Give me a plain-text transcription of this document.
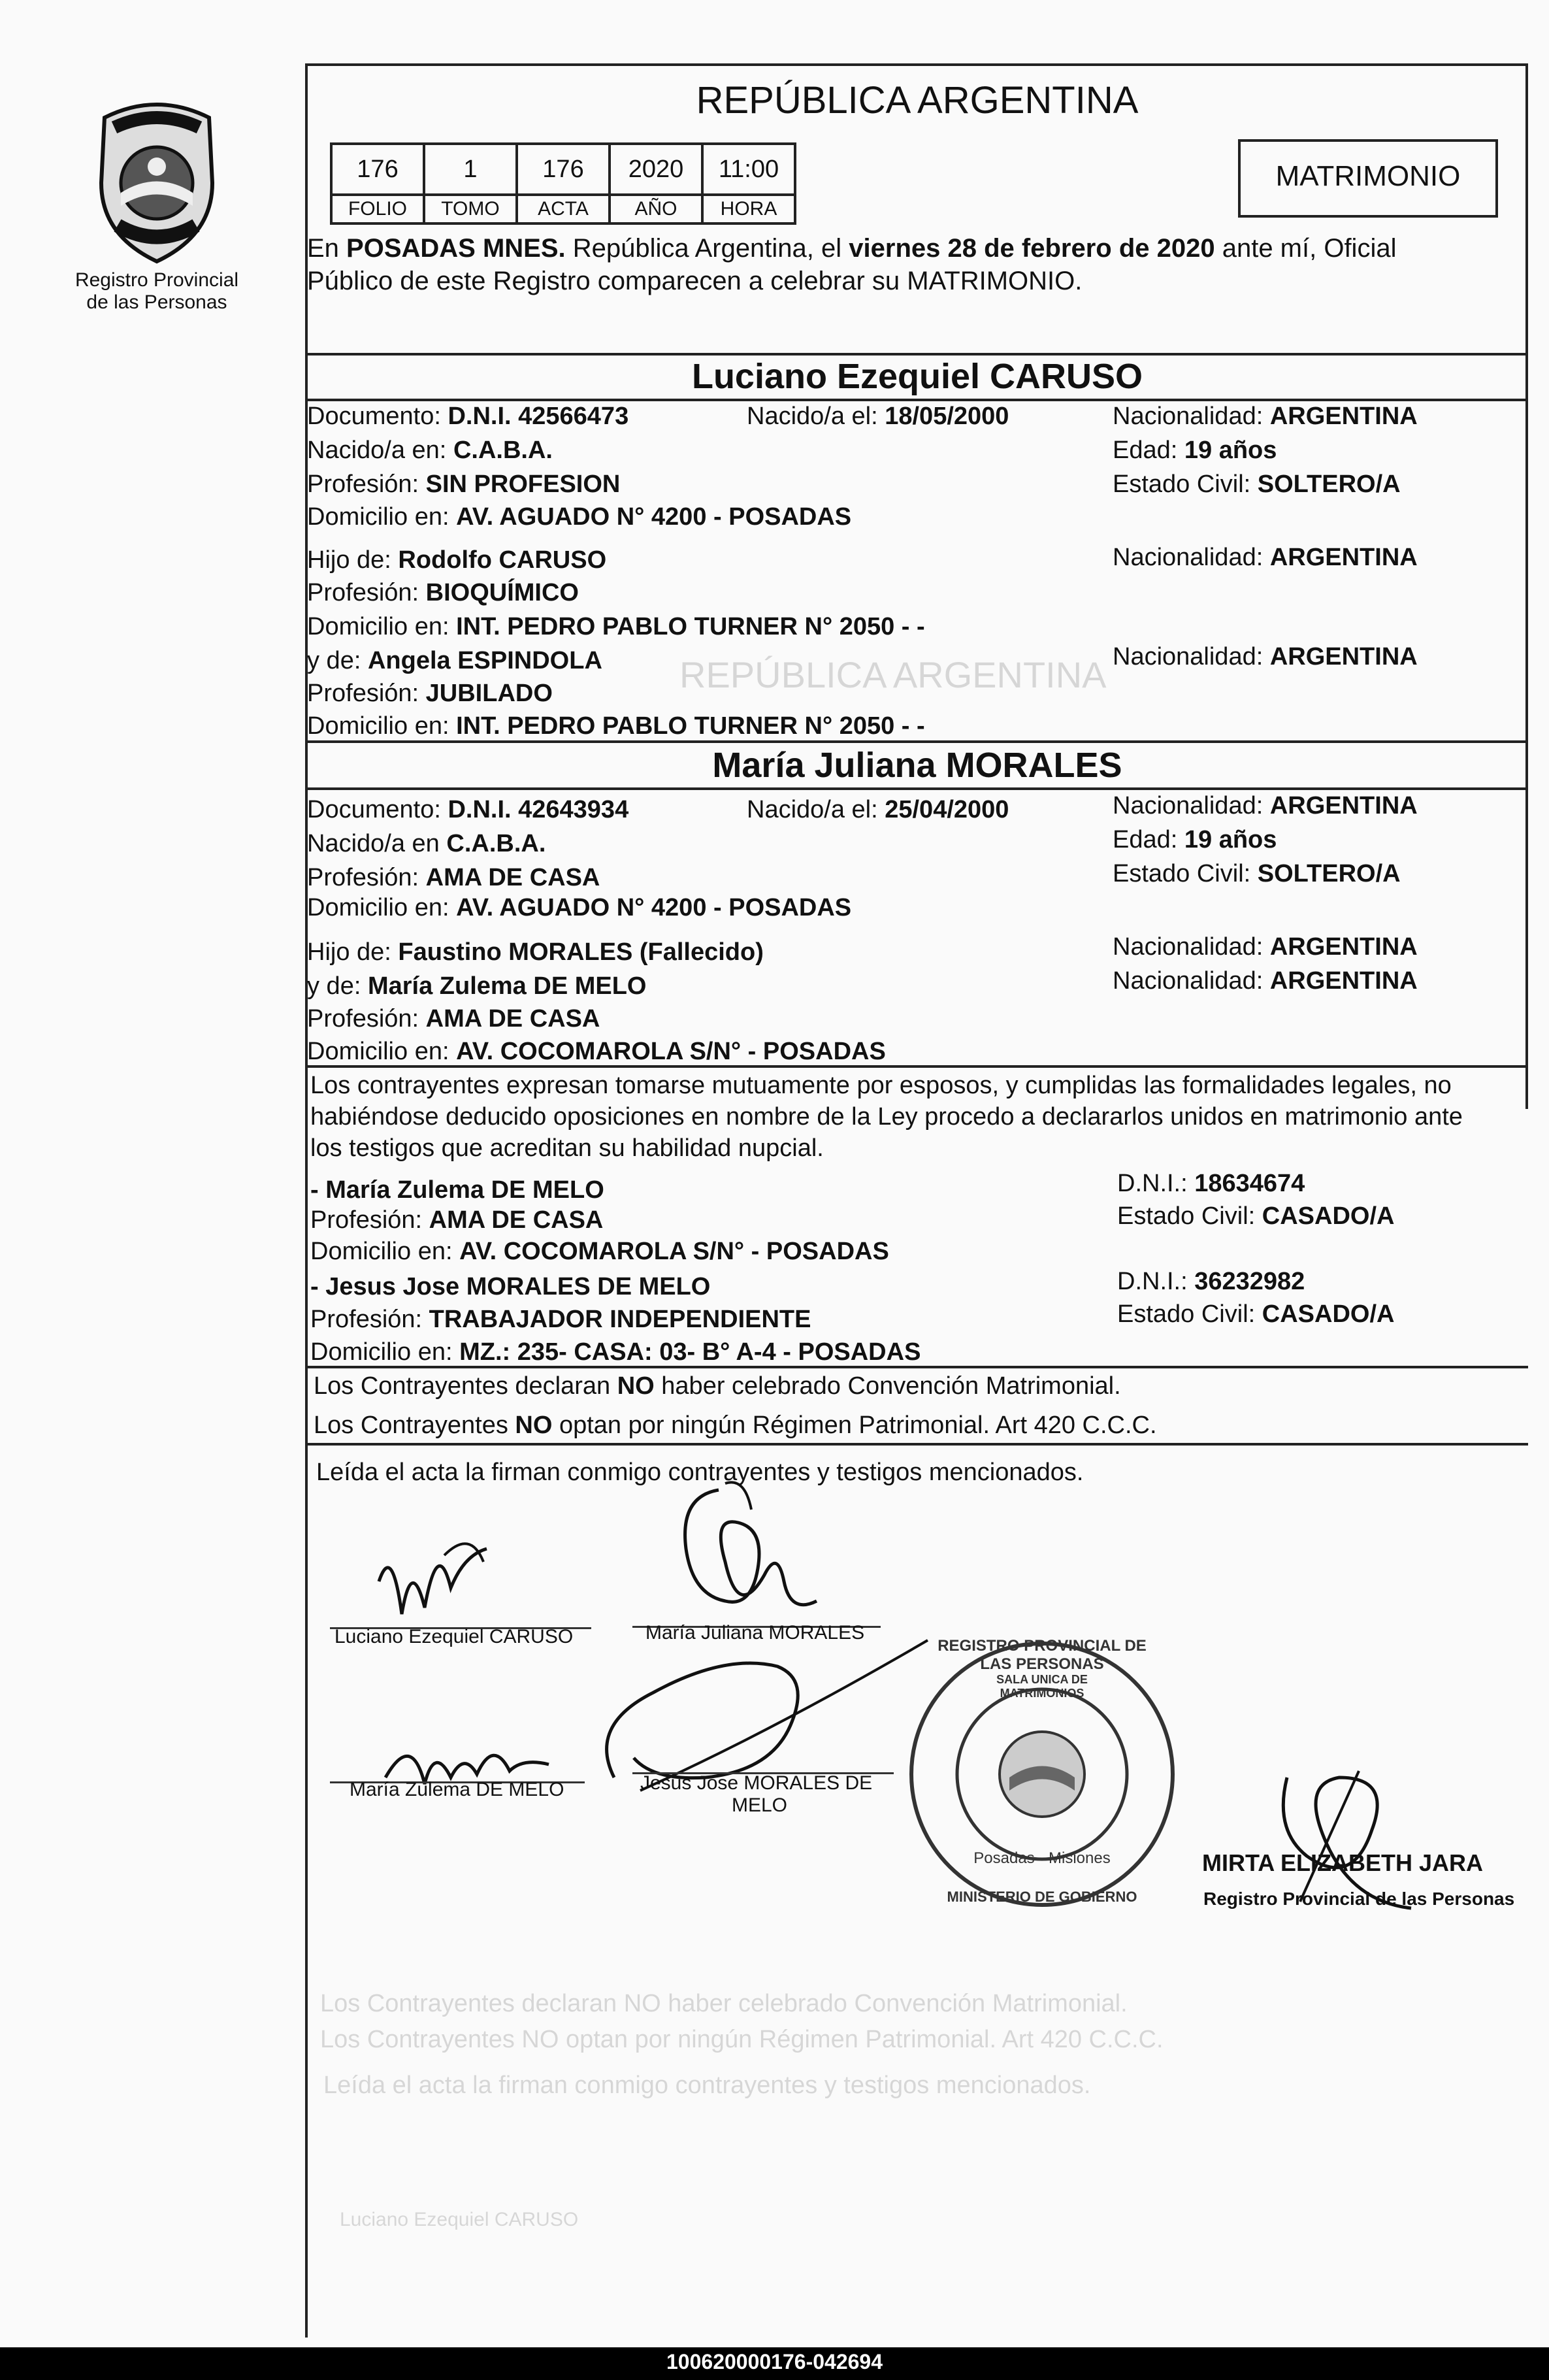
Registro Provincial
de las Personas
REPÚBLICA ARGENTINA
176	1	176	2020	11:00
FOLIO	TOMO	ACTA	AÑO	HORA
MATRIMONIO
En POSADAS MNES. República Argentina, el viernes 28 de febrero de 2020 ante mí, Oficial
Público de este Registro comparecen a celebrar su MATRIMONIO.
Luciano Ezequiel CARUSO
Documento: D.N.I. 42566473	Nacido/a el: 18/05/2000	Nacionalidad: ARGENTINA
Nacido/a en: C.A.B.A.	Edad: 19 años
Profesión: SIN PROFESION	Estado Civil: SOLTERO/A
Domicilio en: AV. AGUADO N° 4200 - POSADAS
Hijo de: Rodolfo CARUSO	Nacionalidad: ARGENTINA
Profesión: BIOQUÍMICO
Domicilio en: INT. PEDRO PABLO TURNER N° 2050 - -
y de: Angela ESPINDOLA	Nacionalidad: ARGENTINA
Profesión: JUBILADO
Domicilio en: INT. PEDRO PABLO TURNER N° 2050 - -
María Juliana MORALES
Documento: D.N.I. 42643934	Nacido/a el: 25/04/2000	Nacionalidad: ARGENTINA
Nacido/a en C.A.B.A.	Edad: 19 años
Profesión: AMA DE CASA	Estado Civil: SOLTERO/A
Domicilio en: AV. AGUADO N° 4200 - POSADAS
Hijo de: Faustino MORALES (Fallecido)	Nacionalidad: ARGENTINA
y de: María Zulema DE MELO	Nacionalidad: ARGENTINA
Profesión: AMA DE CASA
Domicilio en: AV. COCOMAROLA S/N° - POSADAS
Los contrayentes expresan tomarse mutuamente por esposos, y cumplidas las formalidades legales, no
habiéndose deducido oposiciones en nombre de la Ley procedo a declararlos unidos en matrimonio ante
los testigos que acreditan su habilidad nupcial.
- María Zulema DE MELO	D.N.I.: 18634674
Profesión: AMA DE CASA	Estado Civil: CASADO/A
Domicilio en: AV. COCOMAROLA S/N° - POSADAS
- Jesus Jose MORALES DE MELO	D.N.I.: 36232982
Profesión: TRABAJADOR INDEPENDIENTE	Estado Civil: CASADO/A
Domicilio en: MZ.: 235- CASA: 03- B° A-4 - POSADAS
Los Contrayentes declaran NO haber celebrado Convención Matrimonial.
Los Contrayentes NO optan por ningún Régimen Patrimonial. Art 420 C.C.C.
Leída el acta la firman conmigo contrayentes y testigos mencionados.
Luciano Ezequiel CARUSO	María Juliana MORALES
María Zulema DE MELO	Jesus Jose MORALES DE
MELO
REGISTRO PROVINCIAL DE LAS PERSONAS
SALA UNICA DE MATRIMONIOS
Posadas - Misiones
MINISTERIO DE GOBIERNO
MIRTA ELIZABETH JARA
Registro Provincial de las Personas
REPÚBLICA ARGENTINA
Los Contrayentes declaran NO haber celebrado Convención Matrimonial.
Los Contrayentes NO optan por ningún Régimen Patrimonial. Art 420 C.C.C.
Leída el acta la firman conmigo contrayentes y testigos mencionados.
Luciano Ezequiel CARUSO
100620000176-042694
